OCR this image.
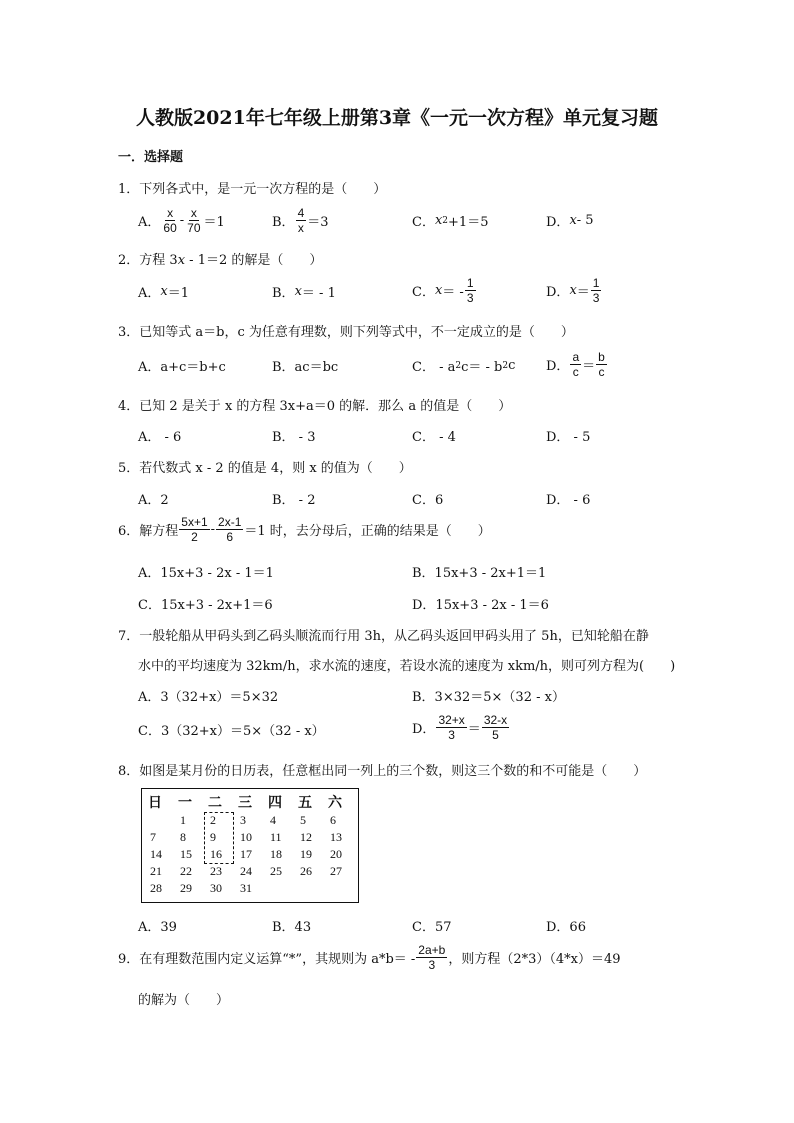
人教版2021年七年级上册第3章《一元一次方程》单元复习题
一．选择题
1．下列各式中，是一元一次方程的是（　　）
A． $\frac{x}{60} - \frac{x}{70} =1$	B． $\frac{4}{x} =3$	C． x 2 +1＝5	D． x - 5
2．方程 3x - 1＝2 的解是（　　）
A． x ＝1	B． x ＝ - 1	C． x ＝ - $\frac{1}{3}$	D． $x = \frac{1}{3}$
3．已知等式 a＝b，c 为任意有理数，则下列等式中，不一定成立的是（　　）
A．a+c＝b+c	B．ac＝bc	C． - a 2 c＝ - b 2 c D． $\frac{a}{c} = \frac{b}{c}$
4．已知 2 是关于 x 的方程 3x+a＝0 的解．那么 a 的值是（　　）
A． - 6	B． - 3	C． - 4	D． - 5
5．若代数式 x - 2 的值是 4，则 x 的值为（　　）
A．2	B． - 2	C．6	D． - 6
6．解方程 $\frac{5x+1}{2} - \frac{2x-1}{6} =1$ 时，去分母后，正确的结果是（　　）
A．15x+3 - 2x - 1＝1	B．15x+3 - 2x+1＝1
C．15x+3 - 2x+1＝6	D．15x+3 - 2x - 1＝6
7．一般轮船从甲码头到乙码头顺流而行用 3h，从乙码头返回甲码头用了 5h，已知轮船在静
水中的平均速度为 32km/h，求水流的速度，若设水流的速度为 xkm/h，则可列方程为(　　)
A．3（32+x）＝5×32	B．3×32＝5×（32 - x）
C．3（32+x）＝5×（32 - x）	D． $\frac{32+x}{3} = \frac{32-x}{5}$
8．如图是某月份的日历表，任意框出同一列上的三个数，则这三个数的和不可能是（　　）
日	一	二	三	四	五	六
	1	2	3	4	5	6
7	8	9	10	11	12	13
14	15	16	17	18	19	20
21	22	23	24	25	26	27
28	29	30	31			
A．39	B．43	C．57	D．66
9．在有理数范围内定义运算“*”，其规则为 $a*b= - \frac{2a+b}{3}$ ，则方程（2*3）（4*x）＝49
的解为（　　）
